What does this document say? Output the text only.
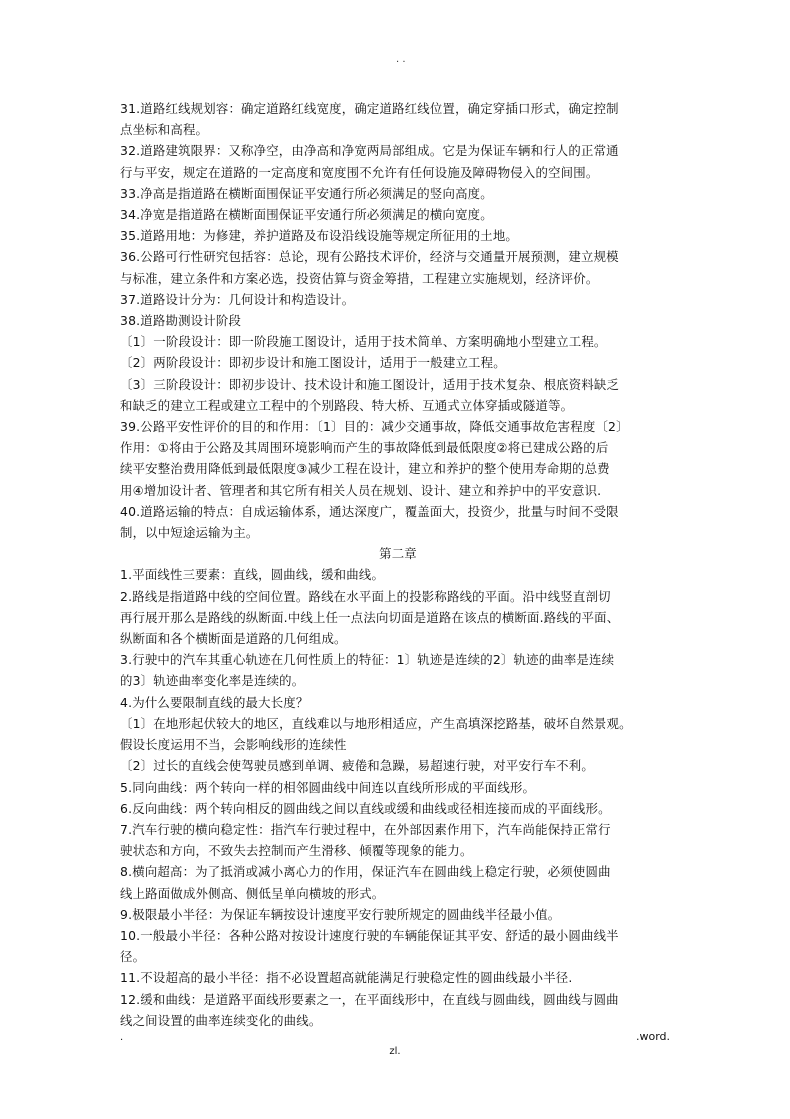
. .
31.道路红线规划容：确定道路红线宽度，确定道路红线位置，确定穿插口形式，确定控制
点坐标和高程。
32.道路建筑限界：又称净空，由净高和净宽两局部组成。它是为保证车辆和行人的正常通
行与平安，规定在道路的一定高度和宽度围不允许有任何设施及障碍物侵入的空间围。
33.净高是指道路在横断面围保证平安通行所必须满足的竖向高度。
34.净宽是指道路在横断面围保证平安通行所必须满足的横向宽度。
35.道路用地：为修建，养护道路及布设沿线设施等规定所征用的土地。
36.公路可行性研究包括容：总论，现有公路技术评价，经济与交通量开展预测，建立规模
与标准，建立条件和方案必选，投资估算与资金筹措，工程建立实施规划，经济评价。
37.道路设计分为：几何设计和构造设计。
38.道路勘测设计阶段
〔1〕一阶段设计：即一阶段施工图设计，适用于技术简单、方案明确地小型建立工程。
〔2〕两阶段设计：即初步设计和施工图设计，适用于一般建立工程。
〔3〕三阶段设计：即初步设计、技术设计和施工图设计，适用于技术复杂、根底资料缺乏
和缺乏的建立工程或建立工程中的个别路段、特大桥、互通式立体穿插或隧道等。
39.公路平安性评价的目的和作用：〔1〕目的：减少交通事故，降低交通事故危害程度〔2〕
作用：①将由于公路及其周围环境影响而产生的事故降低到最低限度②将已建成公路的后
续平安整治费用降低到最低限度③减少工程在设计，建立和养护的整个使用寿命期的总费
用④增加设计者、管理者和其它所有相关人员在规划、设计、建立和养护中的平安意识.
40.道路运输的特点：自成运输体系，通达深度广，覆盖面大，投资少，批量与时间不受限
制，以中短途运输为主。
第二章
1.平面线性三要素：直线，圆曲线，缓和曲线。
2.路线是指道路中线的空间位置。路线在水平面上的投影称路线的平面。沿中线竖直剖切
再行展开那么是路线的纵断面.中线上任一点法向切面是道路在该点的横断面.路线的平面、
纵断面和各个横断面是道路的几何组成。
3.行驶中的汽车其重心轨迹在几何性质上的特征：1〕轨迹是连续的2〕轨迹的曲率是连续
的3〕轨迹曲率变化率是连续的。
4.为什么要限制直线的最大长度？
〔1〕在地形起伏较大的地区，直线难以与地形相适应，产生高填深挖路基，破坏自然景观。
假设长度运用不当，会影响线形的连续性
〔2〕过长的直线会使驾驶员感到单调、疲倦和急躁，易超速行驶，对平安行车不利。
5.同向曲线：两个转向一样的相邻圆曲线中间连以直线所形成的平面线形。
6.反向曲线：两个转向相反的圆曲线之间以直线或缓和曲线或径相连接而成的平面线形。
7.汽车行驶的横向稳定性：指汽车行驶过程中，在外部因素作用下，汽车尚能保持正常行
驶状态和方向，不致失去控制而产生滑移、倾覆等现象的能力。
8.横向超高：为了抵消或减小离心力的作用，保证汽车在圆曲线上稳定行驶，必须使圆曲
线上路面做成外侧高、侧低呈单向横坡的形式。
9.极限最小半径：为保证车辆按设计速度平安行驶所规定的圆曲线半径最小值。
10.一般最小半径：各种公路对按设计速度行驶的车辆能保证其平安、舒适的最小圆曲线半
径。
11.不设超高的最小半径：指不必设置超高就能满足行驶稳定性的圆曲线最小半径.
12.缓和曲线：是道路平面线形要素之一，在平面线形中，在直线与圆曲线，圆曲线与圆曲
线之间设置的曲率连续变化的曲线。
.	.word.
zl.
